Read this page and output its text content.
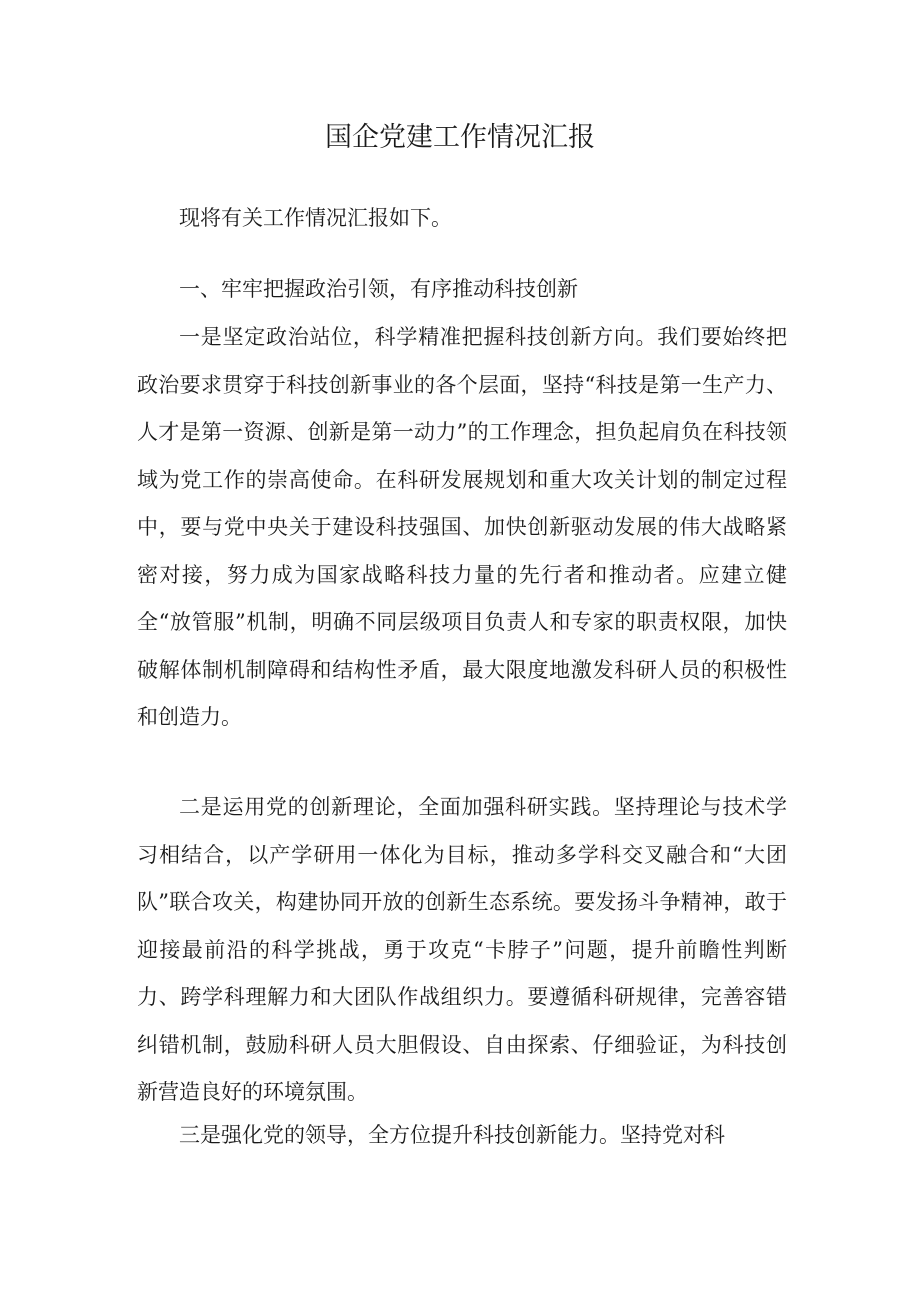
国企党建工作情况汇报

现将有关工作情况汇报如下。

一、牢牢把握政治引领，有序推动科技创新

一是坚定政治站位，科学精准把握科技创新方向。我们要始终把政治要求贯穿于科技创新事业的各个层面，坚持“科技是第一生产力、人才是第一资源、创新是第一动力”的工作理念，担负起肩负在科技领域为党工作的崇高使命。在科研发展规划和重大攻关计划的制定过程中，要与党中央关于建设科技强国、加快创新驱动发展的伟大战略紧密对接，努力成为国家战略科技力量的先行者和推动者。应建立健全“放管服”机制，明确不同层级项目负责人和专家的职责权限，加快破解体制机制障碍和结构性矛盾，最大限度地激发科研人员的积极性和创造力。

二是运用党的创新理论，全面加强科研实践。坚持理论与技术学习相结合，以产学研用一体化为目标，推动多学科交叉融合和“大团队”联合攻关，构建协同开放的创新生态系统。要发扬斗争精神，敢于迎接最前沿的科学挑战，勇于攻克“卡脖子”问题，提升前瞻性判断力、跨学科理解力和大团队作战组织力。要遵循科研规律，完善容错纠错机制，鼓励科研人员大胆假设、自由探索、仔细验证，为科技创新营造良好的环境氛围。

三是强化党的领导，全方位提升科技创新能力。坚持党对科
